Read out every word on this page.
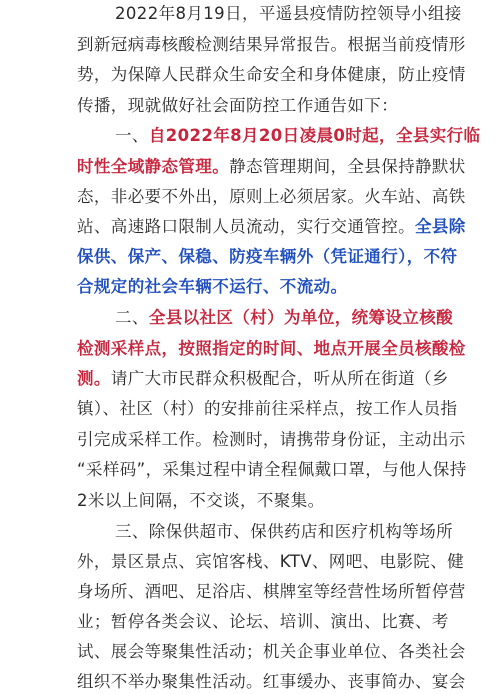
2022年8月19日，平遥县疫情防控领导小组接
到新冠病毒核酸检测结果异常报告。根据当前疫情形
势，为保障人民群众生命安全和身体健康，防止疫情
传播，现就做好社会面防控工作通告如下：
一、自2022年8月20日凌晨0时起，全县实行临
时性全域静态管理。静态管理期间，全县保持静默状
态，非必要不外出，原则上必须居家。火车站、高铁
站、高速路口限制人员流动，实行交通管控。全县除
保供、保产、保稳、防疫车辆外（凭证通行），不符
合规定的社会车辆不运行、不流动。
二、全县以社区（村）为单位，统筹设立核酸
检测采样点，按照指定的时间、地点开展全员核酸检
测。请广大市民群众积极配合，听从所在街道（乡
镇）、社区（村）的安排前往采样点，按工作人员指
引完成采样工作。检测时，请携带身份证，主动出示
“采样码”，采集过程中请全程佩戴口罩，与他人保持
2米以上间隔，不交谈，不聚集。
三、除保供超市、保供药店和医疗机构等场所
外，景区景点、宾馆客栈、KTV、网吧、电影院、健
身场所、酒吧、足浴店、棋牌室等经营性场所暂停营
业；暂停各类会议、论坛、培训、演出、比赛、考
试、展会等聚集性活动；机关企事业单位、各类社会
组织不举办聚集性活动。红事缓办、丧事简办、宴会
